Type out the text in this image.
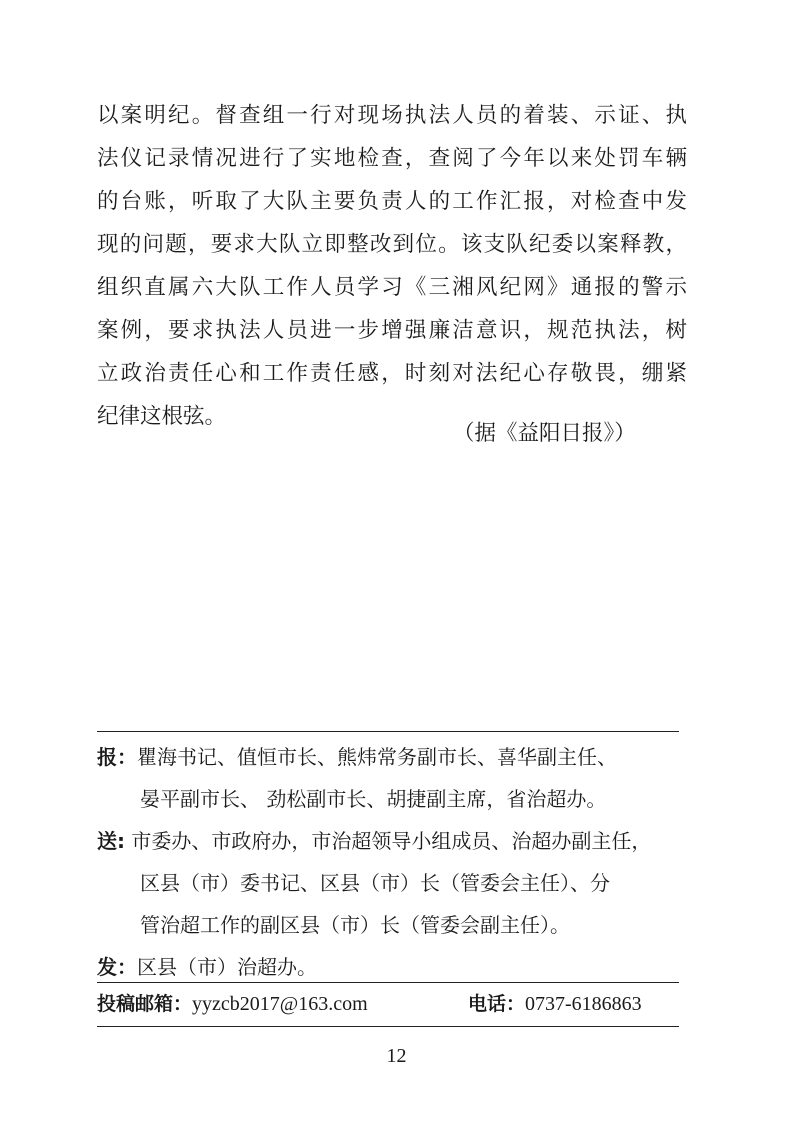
以案明纪。督查组一行对现场执法人员的着装、示证、执
法仪记录情况进行了实地检查，查阅了今年以来处罚车辆
的台账，听取了大队主要负责人的工作汇报，对检查中发
现的问题，要求大队立即整改到位。该支队纪委以案释教，
组织直属六大队工作人员学习《三湘风纪网》通报的警示
案例，要求执法人员进一步增强廉洁意识，规范执法，树
立政治责任心和工作责任感，时刻对法纪心存敬畏，绷紧
纪律这根弦。
（据《益阳日报》）
报：瞿海书记、值恒市长、熊炜常务副市长、喜华副主任、
晏平副市长、 劲松副市长、胡捷副主席，省治超办。
送: 市委办、市政府办，市治超领导小组成员、治超办副主任，
区县（市）委书记、区县（市）长（管委会主任）、分
管治超工作的副区县（市）长（管委会副主任）。
发：区县（市）治超办。
投稿邮箱：yyzcb2017@163.com	电话：0737-6186863
12
